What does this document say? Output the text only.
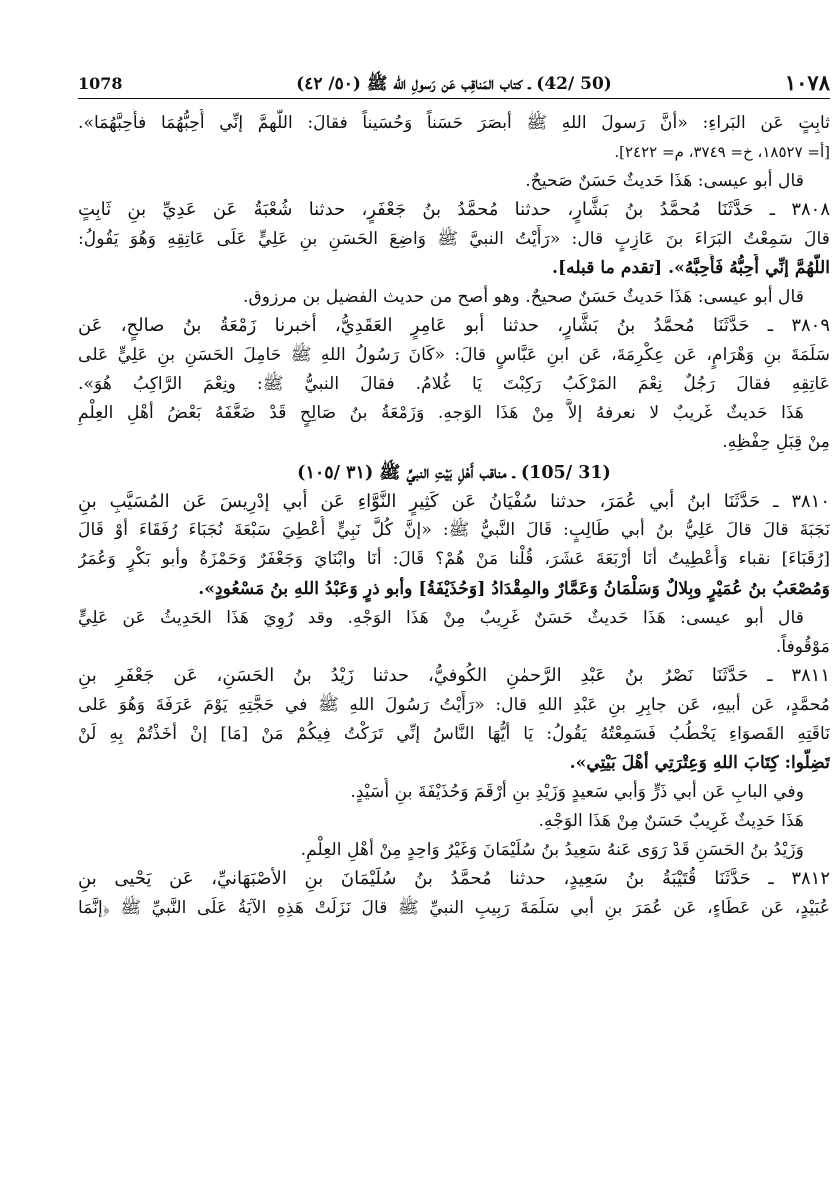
١٠٧٨
(50 /42) ـ كتاب المَناقِب عَن رَسولِ الله ﷺ (٥٠/ ٤٢)
1078
ثابِتٍ عَن البَراءِ: «أنَّ رَسولَ اللهِ ﷺ أبصَرَ حَسَناً وَحُسَيناً فقالَ: اللَّهمَّ إنِّي أُحِبُّهُمَا فأَحِبَّهُمَا».
[أ= ١٨٥٢٧، خ= ٣٧٤٩، م= ٢٤٢٢].
قال أبو عيسى: هَذَا حَديثٌ حَسَنٌ صَحيحٌ.
٣٨٠٨ ـ حَدَّثَنَا مُحمَّدُ بنُ بَشَّارٍ، حدثنا مُحمَّدُ بنُ جَعْفَرٍ، حدثنا شُعْبَةُ عَن عَدِيِّ بنِ ثَابِتٍ
قالَ سَمِعْتُ البَرَاءَ بنَ عَازِبٍ قال: «رَأَيْتُ النبيَّ ﷺ وَاضِعَ الحَسَنِ بنِ عَلِيٍّ عَلَى عَاتِقِهِ وَهُوَ يَقُولُ:
اللَّهُمَّ إنِّي أُحِبُّهُ فَأَحِبَّهُ». [تقدم ما قبله].
قال أبو عيسى: هَذَا حَديثٌ حَسَنٌ صحيحٌ. وهو أصح من حديث الفضيل بن مرزوق.
٣٨٠٩ ـ حَدَّثَنَا مُحمَّدُ بنُ بَشَّارٍ، حدثنا أبو عَامِرٍ العَقَدِيُّ، أخبرنا زَمْعَةُ بنُ صالحٍ، عَن
سَلَمَةَ بنِ وَهْرَامٍ، عَن عِكْرِمَةَ، عَن ابنِ عَبَّاسٍ قالَ: «كَانَ رَسُولُ اللهِ ﷺ حَامِلَ الحَسَنِ بنِ عَلِيٍّ عَلى
عَاتِقِهِ فقالَ رَجُلٌ نِعْمَ المَرْكَبُ رَكِبْتَ يَا غُلامُ. فقالَ النبيُّ ﷺ: ونِعْمَ الرَّاكِبُ هُوَ».
هَذَا حَديثٌ غَريبٌ لا نعرفهُ إلاَّ مِنْ هَذَا الوَجهِ. وَزَمْعَةُ بنُ صَالِحٍ قَدْ ضَعَّفَهُ بَعْضُ أهْلِ العِلْمِ
مِنْ قِبَلِ حِفْظِهِ.
(31 /105) ـ مناقب أَهْلِ بَيْتِ النبيِّ ﷺ (٣١ /١٠٥)
٣٨١٠ ـ حَدَّثَنَا ابنُ أبي عُمَرَ، حدثنا سُفْيَانُ عَن كَثِيرٍ النَّوَّاءِ عَن أبي إدْرِيسَ عَن المُسَيَّبِ بنِ
نَجَبَةَ قالَ قالَ عَلِيُّ بنُ أبي طَالِبٍ: قَالَ النَّبيُّ ﷺ: «إنَّ كُلَّ نَبِيٍّ أُعْطِيَ سَبْعَةَ نُجَبَاءَ رُفَقَاءَ أوْ قَالَ
[رُقَبَاءَ] نقباء وَأُعْطِيتُ أنَا أرْبَعَةَ عَشَرَ، قُلْنا مَنْ هُمْ؟ قَالَ: أنَا وابْنَايَ وَجَعْفَرٌ وَحَمْزَةُ وأبو بَكْرٍ وَعُمَرُ
وَمُصْعَبُ بنُ عُمَيْرٍ وبِلالٌ وَسَلْمَانُ وَعَمَّارٌ والمِقْدَادُ [وَحُذَيْفَةُ] وأبو ذرٍ وَعَبْدُ اللهِ بنُ مَسْعُودٍ».
قال أبو عيسى: هَذَا حَديثٌ حَسَنٌ غَرِيبٌ مِنْ هَذَا الوَجْهِ. وقد رُوِيَ هَذَا الحَدِيثُ عَن عَلِيٍّ
مَوْقُوفاً.
٣٨١١ ـ حَدَّثَنَا نَصْرُ بنُ عَبْدِ الرَّحمٰنِ الكُوفيُّ، حدثنا زَيْدُ بنُ الحَسَنِ، عَن جَعْفَرِ بنِ
مُحمَّدٍ، عَن أبيهِ، عَن جابِرِ بنِ عَبْدِ اللهِ قال: «رَأَيْتُ رَسُولَ اللهِ ﷺ في حَجَّتِهِ يَوْمَ عَرَفَةَ وَهُوَ عَلى
نَاقَتِهِ القَصوَاءِ يَخْطُبُ فَسَمِعْتُهُ يَقُولُ: يَا أيُّهَا النَّاسُ إنِّي تَرَكْتُ فِيكُمْ مَنْ [مَا] إنْ أخَذْتُمْ بِهِ لَنْ
تَضِلُّوا: كِتَابَ اللهِ وَعِتْرَتِي أهْلَ بَيْتِي».
وفي البابِ عَن أبي ذَرٍّ وَأبي سَعيدٍ وَزَيْدِ بنِ أرْقَمَ وَحُذَيْفَةَ بنِ أُسَيْدٍ.
هَذَا حَدِيثٌ غَرِيبٌ حَسَنٌ مِنْ هَذَا الوَجْهِ.
وَزَيْدُ بنُ الحَسَنِ قَدْ رَوَى عَنهُ سَعِيدُ بنُ سُلَيْمَانَ وَغَيْرُ وَاحِدٍ مِنْ أهْلِ العِلْمِ.
٣٨١٢ ـ حَدَّثَنَا قُتَيْبَةُ بنُ سَعِيدٍ، حدثنا مُحمَّدُ بنُ سُلَيْمَانَ بنِ الأصْبَهَانيِّ، عَن يَحْيى بنِ
عُبَيْدٍ، عَن عَطَاءٍ، عَن عُمَرَ بنِ أبي سَلَمَةَ رَبِيبِ النبيِّ ﷺ قالَ نَزَلَتْ هَذِهِ الآيَةُ عَلَى النَّبيِّ ﷺ ﴿إنَّمَا
